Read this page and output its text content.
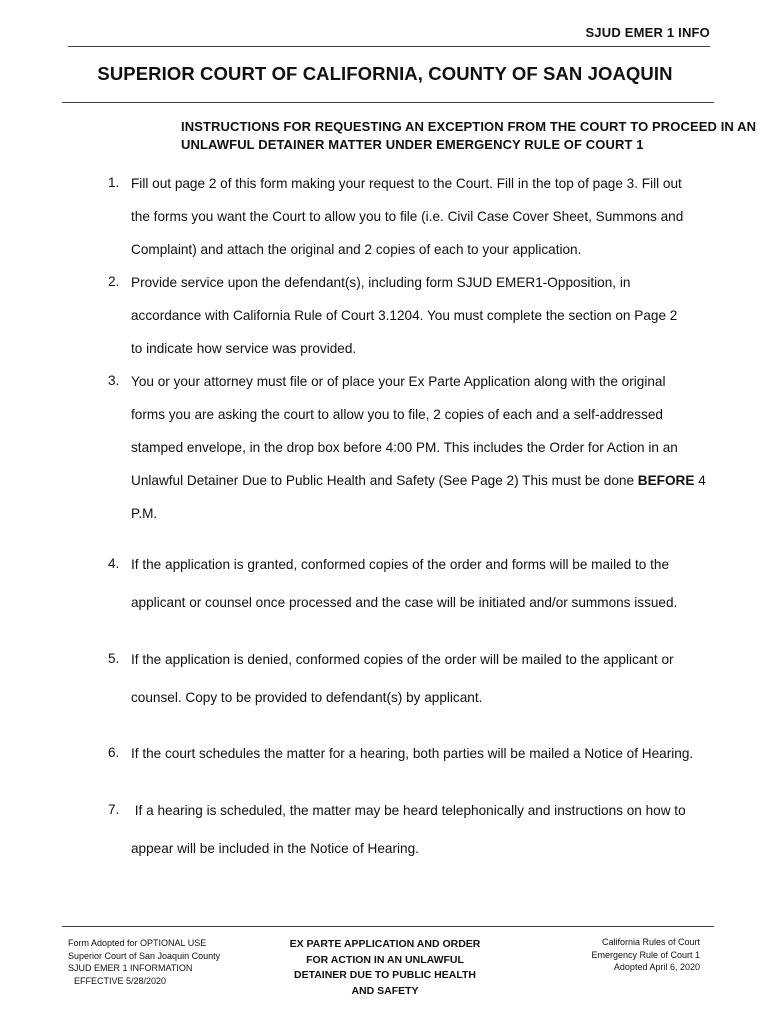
SJUD EMER 1 INFO
SUPERIOR COURT OF CALIFORNIA, COUNTY OF SAN JOAQUIN
INSTRUCTIONS FOR REQUESTING AN EXCEPTION FROM THE COURT TO PROCEED IN AN
UNLAWFUL DETAINER MATTER UNDER EMERGENCY RULE OF COURT 1
1. Fill out page 2 of this form making your request to the Court. Fill in the top of page 3. Fill out
the forms you want the Court to allow you to file (i.e. Civil Case Cover Sheet, Summons and
Complaint) and attach the original and 2 copies of each to your application.
2. Provide service upon the defendant(s), including form SJUD EMER1-Opposition, in
accordance with California Rule of Court 3.1204. You must complete the section on Page 2
to indicate how service was provided.
3. You or your attorney must file or of place your Ex Parte Application along with the original
forms you are asking the court to allow you to file, 2 copies of each and a self-addressed
stamped envelope, in the drop box before 4:00 PM. This includes the Order for Action in an
Unlawful Detainer Due to Public Health and Safety (See Page 2) This must be done BEFORE 4
P.M.
4. If the application is granted, conformed copies of the order and forms will be mailed to the
applicant or counsel once processed and the case will be initiated and/or summons issued.
5. If the application is denied, conformed copies of the order will be mailed to the applicant or
counsel. Copy to be provided to defendant(s) by applicant.
6. If the court schedules the matter for a hearing, both parties will be mailed a Notice of Hearing.
7. If a hearing is scheduled, the matter may be heard telephonically and instructions on how to
appear will be included in the Notice of Hearing.
Form Adopted for OPTIONAL USE
Superior Court of San Joaquin County
SJUD EMER 1 INFORMATION
EFFECTIVE 5/28/2020
EX PARTE APPLICATION AND ORDER
FOR ACTION IN AN UNLAWFUL
DETAINER DUE TO PUBLIC HEALTH
AND SAFETY
California Rules of Court
Emergency Rule of Court 1
Adopted April 6, 2020
